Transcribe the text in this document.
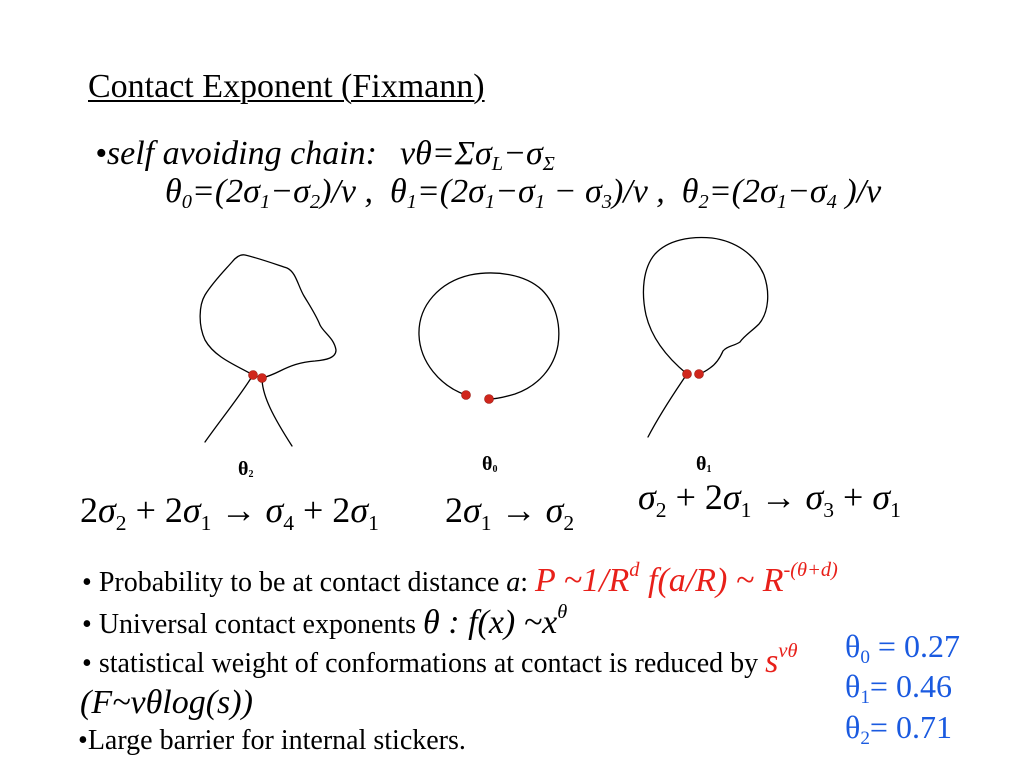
Contact Exponent (Fixmann)
•self avoiding chain: νθ=ΣσL−σΣ
θ0=(2σ1−σ2)/ν ,  θ1=(2σ1−σ1 − σ3)/ν ,  θ2=(2σ1−σ4 )/ν
θ2	θ0	θ1
$2\sigma_2 + 2\sigma_1 \to \sigma_4 + 2\sigma_1$ $2\sigma_1 \to \sigma_2$
$\sigma_2 + 2\sigma_1 \to \sigma_3 + \sigma_1$
• Probability to be at contact distance a: P $\sim 1/R^d$ f(a/R) ~ $R^{-(\theta+d)}$
• Universal contact exponents θ : f(x) $\sim x^\theta$
• statistical weight of conformations at contact is reduced by $s^{\nu\theta}$
(F~νθlog(s))
•Large barrier for internal stickers.
θ0 = 0.27
θ1= 0.46
θ2= 0.71
